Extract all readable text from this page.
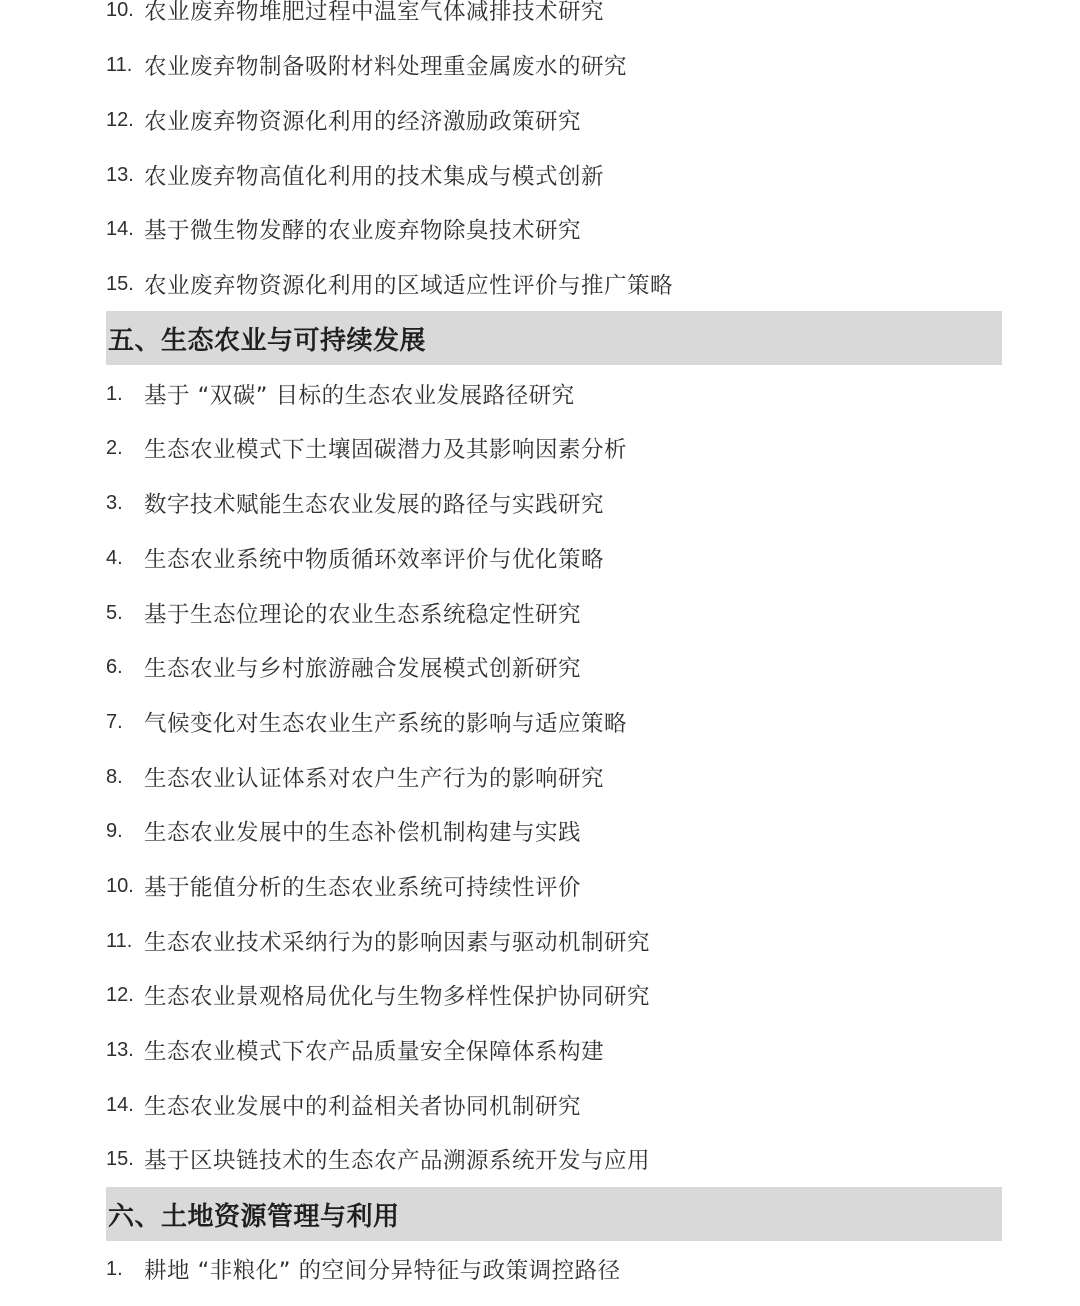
10. 农业废弃物堆肥过程中温室气体减排技术研究
11. 农业废弃物制备吸附材料处理重金属废水的研究
12. 农业废弃物资源化利用的经济激励政策研究
13. 农业废弃物高值化利用的技术集成与模式创新
14. 基于微生物发酵的农业废弃物除臭技术研究
15. 农业废弃物资源化利用的区域适应性评价与推广策略
五、生态农业与可持续发展
1. 基于 “双碳” 目标的生态农业发展路径研究
2. 生态农业模式下土壤固碳潜力及其影响因素分析
3. 数字技术赋能生态农业发展的路径与实践研究
4. 生态农业系统中物质循环效率评价与优化策略
5. 基于生态位理论的农业生态系统稳定性研究
6. 生态农业与乡村旅游融合发展模式创新研究
7. 气候变化对生态农业生产系统的影响与适应策略
8. 生态农业认证体系对农户生产行为的影响研究
9. 生态农业发展中的生态补偿机制构建与实践
10. 基于能值分析的生态农业系统可持续性评价
11. 生态农业技术采纳行为的影响因素与驱动机制研究
12. 生态农业景观格局优化与生物多样性保护协同研究
13. 生态农业模式下农产品质量安全保障体系构建
14. 生态农业发展中的利益相关者协同机制研究
15. 基于区块链技术的生态农产品溯源系统开发与应用
六、土地资源管理与利用
1. 耕地 “非粮化” 的空间分异特征与政策调控路径
